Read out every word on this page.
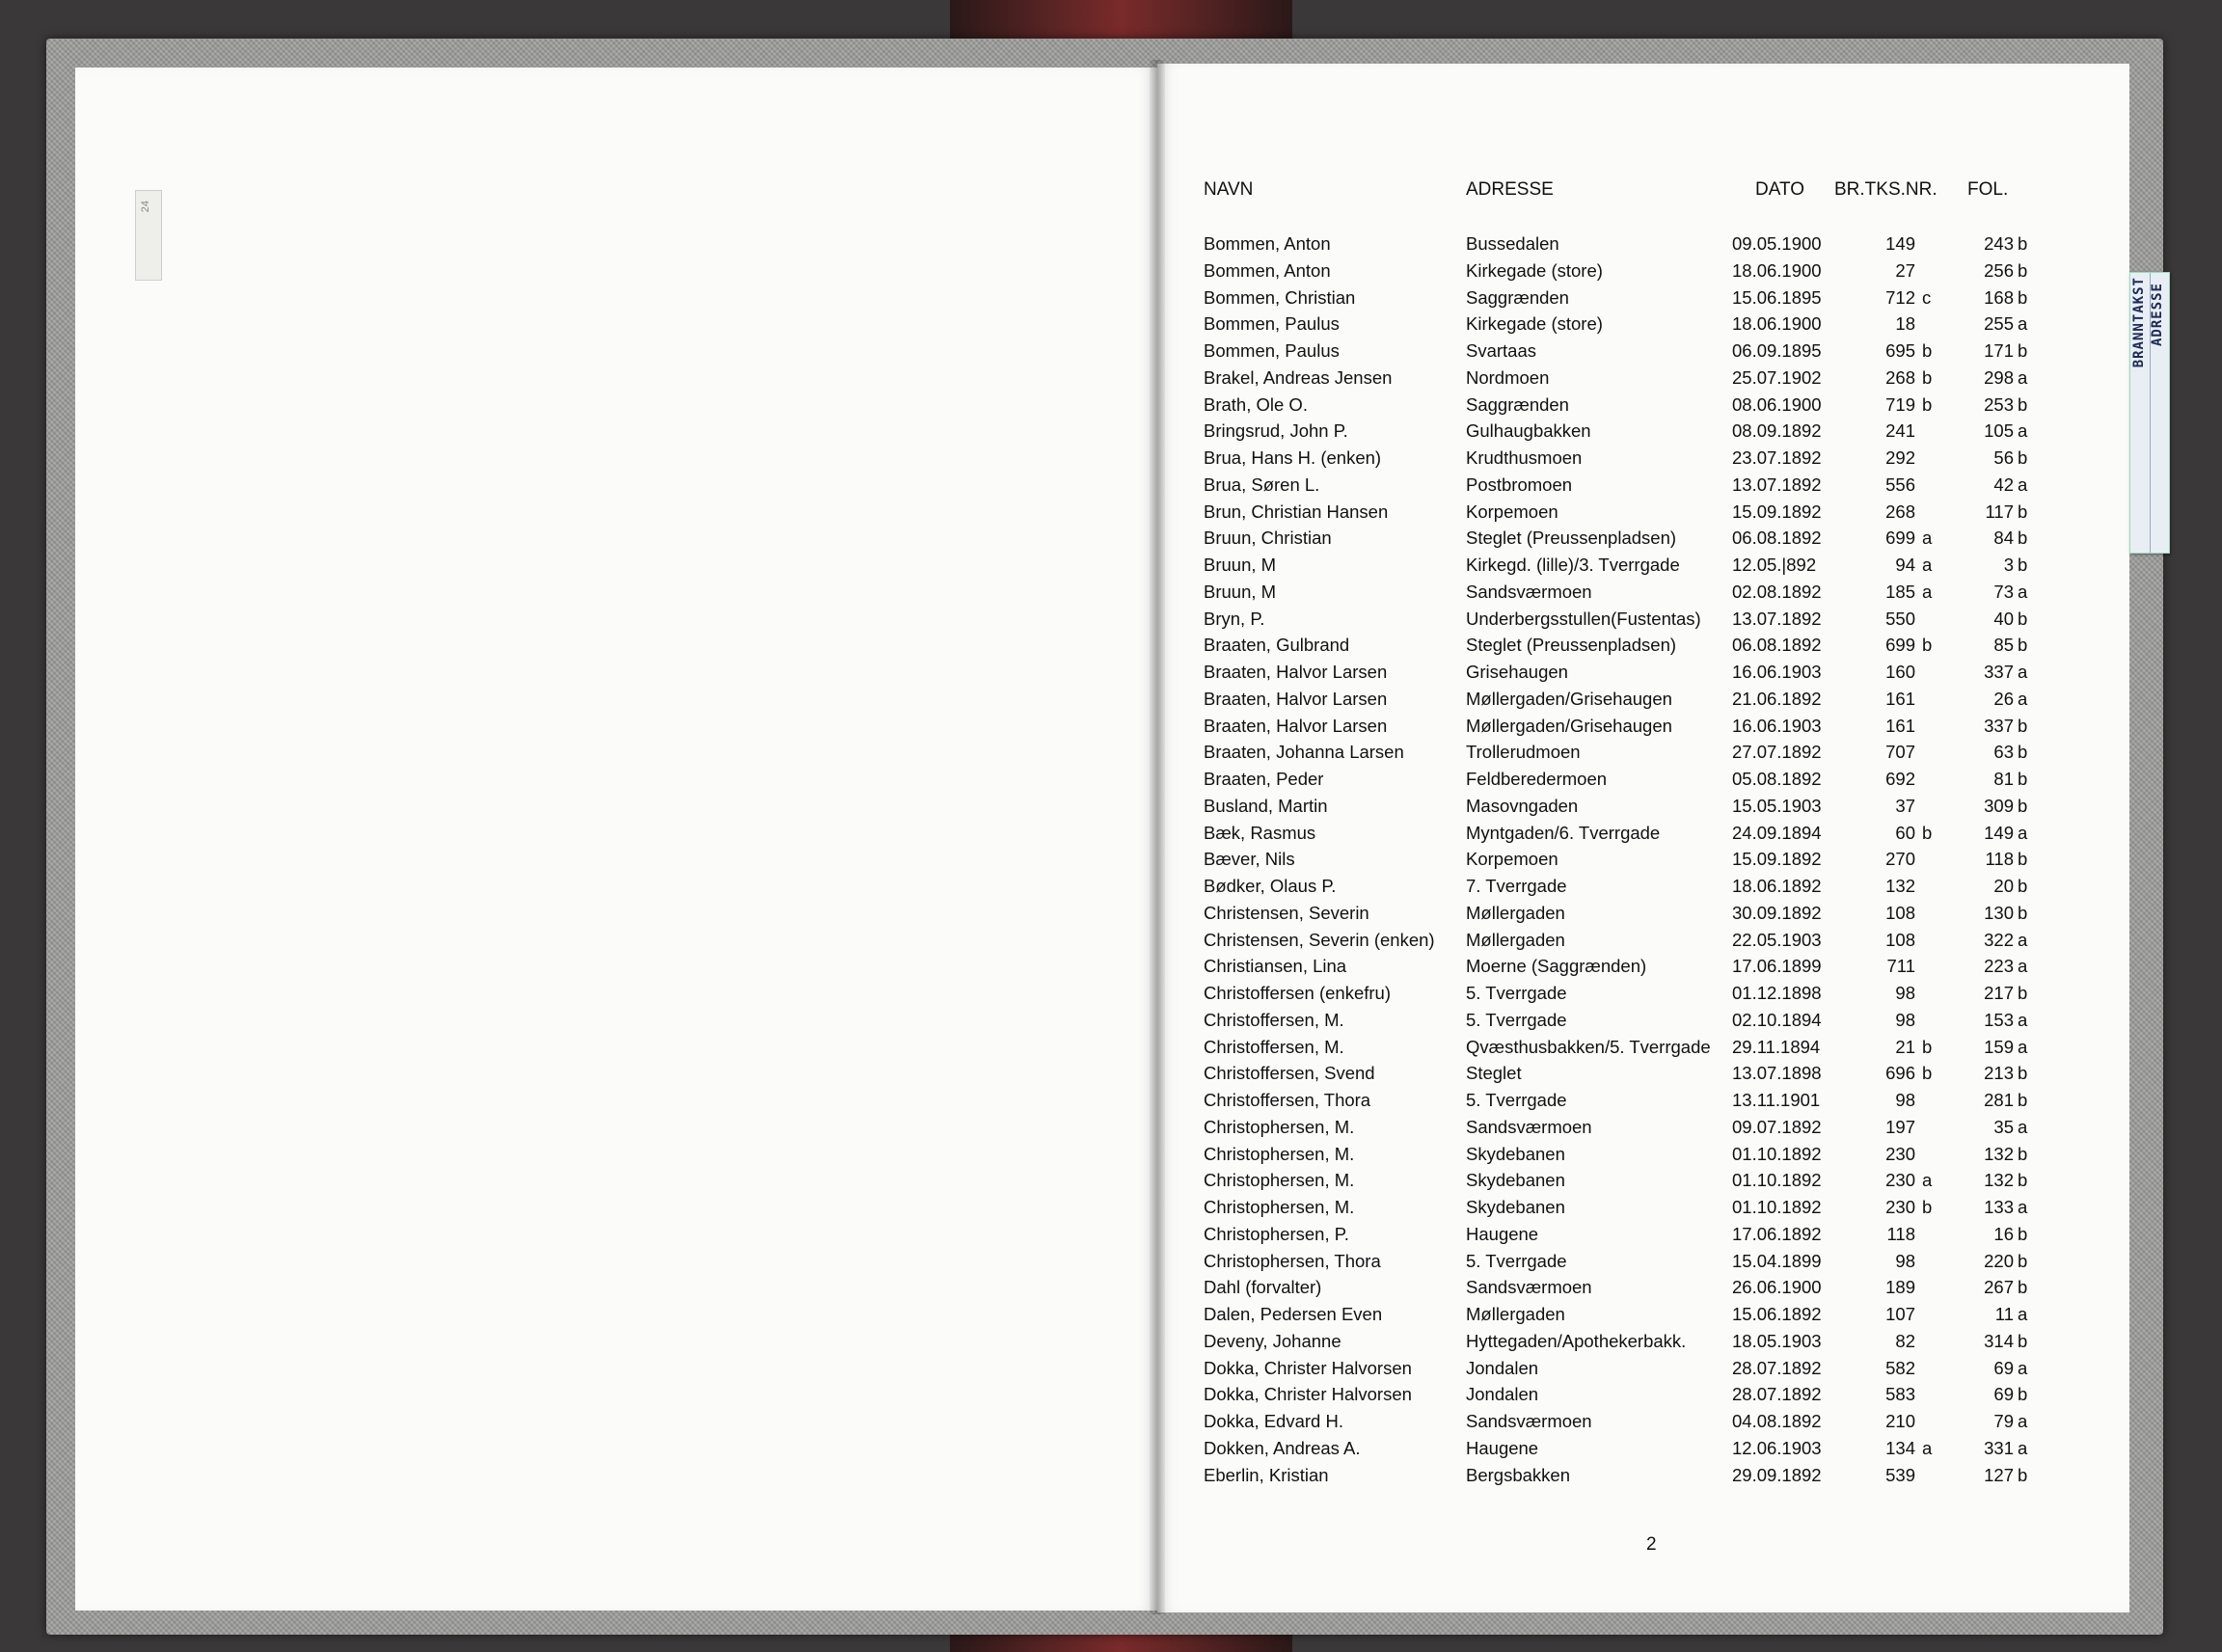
24
NAVN	ADRESSE	DATO BR.TKS.NR. FOL.
Bommen, Anton	Bussedalen	09.05.1900	149	243 b
Bommen, Anton	Kirkegade (store)	18.06.1900	27	256 b
Bommen, Christian	Saggrænden	15.06.1895	712 c	168 b
Bommen, Paulus	Kirkegade (store)	18.06.1900	18	255 a
Bommen, Paulus	Svartaas	06.09.1895	695 b	171 b
Brakel, Andreas Jensen	Nordmoen	25.07.1902	268 b	298 a
Brath, Ole O.	Saggrænden	08.06.1900	719 b	253 b
Bringsrud, John P.	Gulhaugbakken	08.09.1892	241	105 a
Brua, Hans H. (enken)	Krudthusmoen	23.07.1892	292	56 b
Brua, Søren L.	Postbromoen	13.07.1892	556	42 a
Brun, Christian Hansen	Korpemoen	15.09.1892	268	117 b
Bruun, Christian	Steglet (Preussenpladsen)	06.08.1892	699 a	84 b
Bruun, M	Kirkegd. (lille)/3. Tverrgade	12.05.|892	94 a	3 b
Bruun, M	Sandsværmoen	02.08.1892	185 a	73 a
Bryn, P.	Underbergsstullen(Fustentas) 13.07.1892	550	40 b
Braaten, Gulbrand	Steglet (Preussenpladsen)	06.08.1892	699 b	85 b
Braaten, Halvor Larsen	Grisehaugen	16.06.1903	160	337 a
Braaten, Halvor Larsen	Møllergaden/Grisehaugen	21.06.1892	161	26 a
Braaten, Halvor Larsen	Møllergaden/Grisehaugen	16.06.1903	161	337 b
Braaten, Johanna Larsen	Trollerudmoen	27.07.1892	707	63 b
Braaten, Peder	Feldberedermoen	05.08.1892	692	81 b
Busland, Martin	Masovngaden	15.05.1903	37	309 b
Bæk, Rasmus	Myntgaden/6. Tverrgade	24.09.1894	60 b	149 a
Bæver, Nils	Korpemoen	15.09.1892	270	118 b
Bødker, Olaus P.	7. Tverrgade	18.06.1892	132	20 b
Christensen, Severin	Møllergaden	30.09.1892	108	130 b
Christensen, Severin (enken) Møllergaden	22.05.1903	108	322 a
Christiansen, Lina	Moerne (Saggrænden)	17.06.1899	711	223 a
Christoffersen (enkefru)	5. Tverrgade	01.12.1898	98	217 b
Christoffersen, M.	5. Tverrgade	02.10.1894	98	153 a
Christoffersen, M.	Qvæsthusbakken/5. Tverrgade 29.11.1894	21 b	159 a
Christoffersen, Svend	Steglet	13.07.1898	696 b	213 b
Christoffersen, Thora	5. Tverrgade	13.11.1901	98	281 b
Christophersen, M.	Sandsværmoen	09.07.1892	197	35 a
Christophersen, M.	Skydebanen	01.10.1892	230	132 b
Christophersen, M.	Skydebanen	01.10.1892	230 a	132 b
Christophersen, M.	Skydebanen	01.10.1892	230 b	133 a
Christophersen, P.	Haugene	17.06.1892	118	16 b
Christophersen, Thora	5. Tverrgade	15.04.1899	98	220 b
Dahl (forvalter)	Sandsværmoen	26.06.1900	189	267 b
Dalen, Pedersen Even	Møllergaden	15.06.1892	107	11 a
Deveny, Johanne	Hyttegaden/Apothekerbakk.	18.05.1903	82	314 b
Dokka, Christer Halvorsen	Jondalen	28.07.1892	582	69 a
Dokka, Christer Halvorsen	Jondalen	28.07.1892	583	69 b
Dokka, Edvard H.	Sandsværmoen	04.08.1892	210	79 a
Dokken, Andreas A.	Haugene	12.06.1903	134 a	331 a
Eberlin, Kristian	Bergsbakken	29.09.1892	539	127 b
2
BRANNTAKST ADRESSE
